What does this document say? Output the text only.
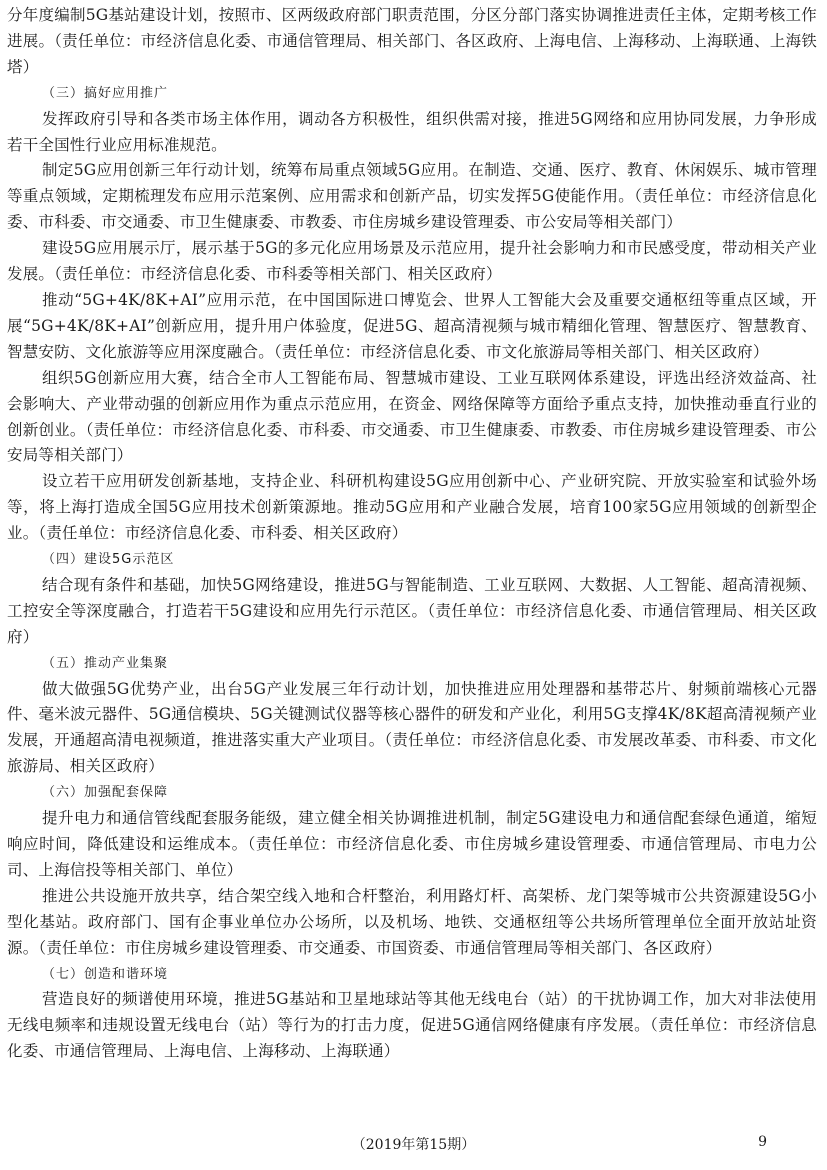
分年度编制5G基站建设计划，按照市、区两级政府部门职责范围，分区分部门落实协调推进责任主体，定期考核工作进展。（责任单位：市经济信息化委、市通信管理局、相关部门、各区政府、上海电信、上海移动、上海联通、上海铁塔）

（三）搞好应用推广

发挥政府引导和各类市场主体作用，调动各方积极性，组织供需对接，推进5G网络和应用协同发展，力争形成若干全国性行业应用标准规范。

制定5G应用创新三年行动计划，统筹布局重点领域5G应用。在制造、交通、医疗、教育、休闲娱乐、城市管理等重点领域，定期梳理发布应用示范案例、应用需求和创新产品，切实发挥5G使能作用。（责任单位：市经济信息化委、市科委、市交通委、市卫生健康委、市教委、市住房城乡建设管理委、市公安局等相关部门）

建设5G应用展示厅，展示基于5G的多元化应用场景及示范应用，提升社会影响力和市民感受度，带动相关产业发展。（责任单位：市经济信息化委、市科委等相关部门、相关区政府）

推动“5G+4K/8K+AI”应用示范，在中国国际进口博览会、世界人工智能大会及重要交通枢纽等重点区域，开展“5G+4K/8K+AI”创新应用，提升用户体验度，促进5G、超高清视频与城市精细化管理、智慧医疗、智慧教育、智慧安防、文化旅游等应用深度融合。（责任单位：市经济信息化委、市文化旅游局等相关部门、相关区政府）

组织5G创新应用大赛，结合全市人工智能布局、智慧城市建设、工业互联网体系建设，评选出经济效益高、社会影响大、产业带动强的创新应用作为重点示范应用，在资金、网络保障等方面给予重点支持，加快推动垂直行业的创新创业。（责任单位：市经济信息化委、市科委、市交通委、市卫生健康委、市教委、市住房城乡建设管理委、市公安局等相关部门）

设立若干应用研发创新基地，支持企业、科研机构建设5G应用创新中心、产业研究院、开放实验室和试验外场等，将上海打造成全国5G应用技术创新策源地。推动5G应用和产业融合发展，培育100家5G应用领域的创新型企业。（责任单位：市经济信息化委、市科委、相关区政府）

（四）建设5G示范区

结合现有条件和基础，加快5G网络建设，推进5G与智能制造、工业互联网、大数据、人工智能、超高清视频、工控安全等深度融合，打造若干5G建设和应用先行示范区。（责任单位：市经济信息化委、市通信管理局、相关区政府）

（五）推动产业集聚

做大做强5G优势产业，出台5G产业发展三年行动计划，加快推进应用处理器和基带芯片、射频前端核心元器件、毫米波元器件、5G通信模块、5G关键测试仪器等核心器件的研发和产业化，利用5G支撑4K/8K超高清视频产业发展，开通超高清电视频道，推进落实重大产业项目。（责任单位：市经济信息化委、市发展改革委、市科委、市文化旅游局、相关区政府）

（六）加强配套保障

提升电力和通信管线配套服务能级，建立健全相关协调推进机制，制定5G建设电力和通信配套绿色通道，缩短响应时间，降低建设和运维成本。（责任单位：市经济信息化委、市住房城乡建设管理委、市通信管理局、市电力公司、上海信投等相关部门、单位）

推进公共设施开放共享，结合架空线入地和合杆整治，利用路灯杆、高架桥、龙门架等城市公共资源建设5G小型化基站。政府部门、国有企事业单位办公场所，以及机场、地铁、交通枢纽等公共场所管理单位全面开放站址资源。（责任单位：市住房城乡建设管理委、市交通委、市国资委、市通信管理局等相关部门、各区政府）

（七）创造和谐环境

营造良好的频谱使用环境，推进5G基站和卫星地球站等其他无线电台（站）的干扰协调工作，加大对非法使用无线电频率和违规设置无线电台（站）等行为的打击力度，促进5G通信网络健康有序发展。（责任单位：市经济信息化委、市通信管理局、上海电信、上海移动、上海联通）

（2019年第15期）	9
